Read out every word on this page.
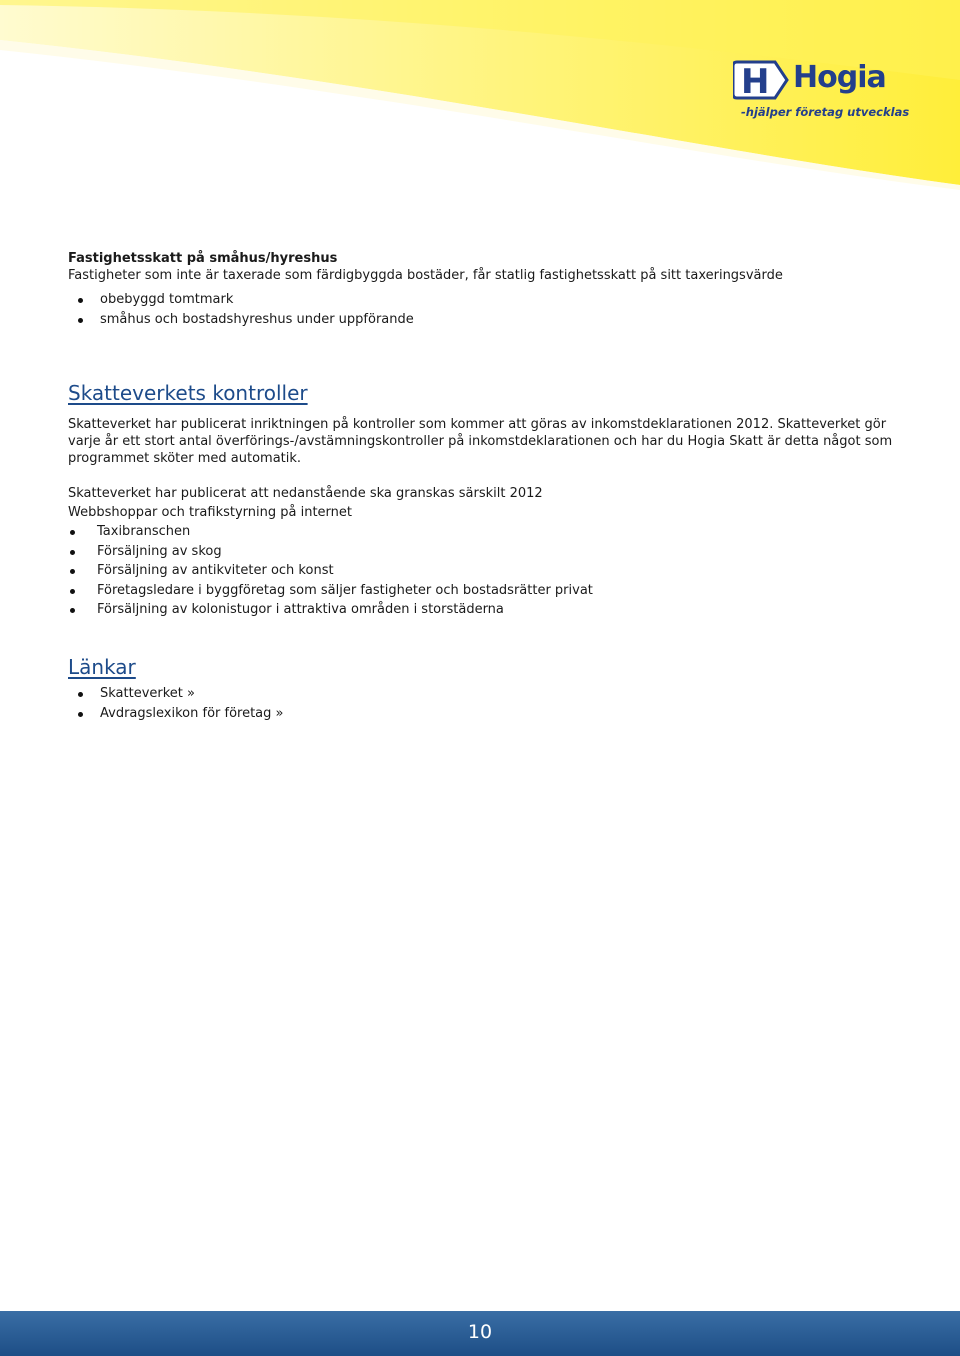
H Hogia
-hjälper företag utvecklas

Fastighetsskatt på småhus/hyreshus

Fastigheter som inte är taxerade som färdigbyggda bostäder, får statlig fastighetsskatt på sitt taxeringsvärde

obebyggd tomtmark
småhus och bostadshyreshus under uppförande
Skatteverkets kontroller

Skatteverket har publicerat inriktningen på kontroller som kommer att göras av inkomstdeklarationen 2012. Skatteverket gör varje år ett stort antal överförings-/avstämningskontroller på inkomstdeklarationen och har du Hogia Skatt är detta något som programmet sköter med automatik.

Skatteverket har publicerat att nedanstående ska granskas särskilt 2012

Webbshoppar och trafikstyrning på internet

Taxibranschen
Försäljning av skog
Försäljning av antikviteter och konst
Företagsledare i byggföretag som säljer fastigheter och bostadsrätter privat
Försäljning av kolonistugor i attraktiva områden i storstäderna
Länkar
Skatteverket »
Avdragslexikon för företag »
10
